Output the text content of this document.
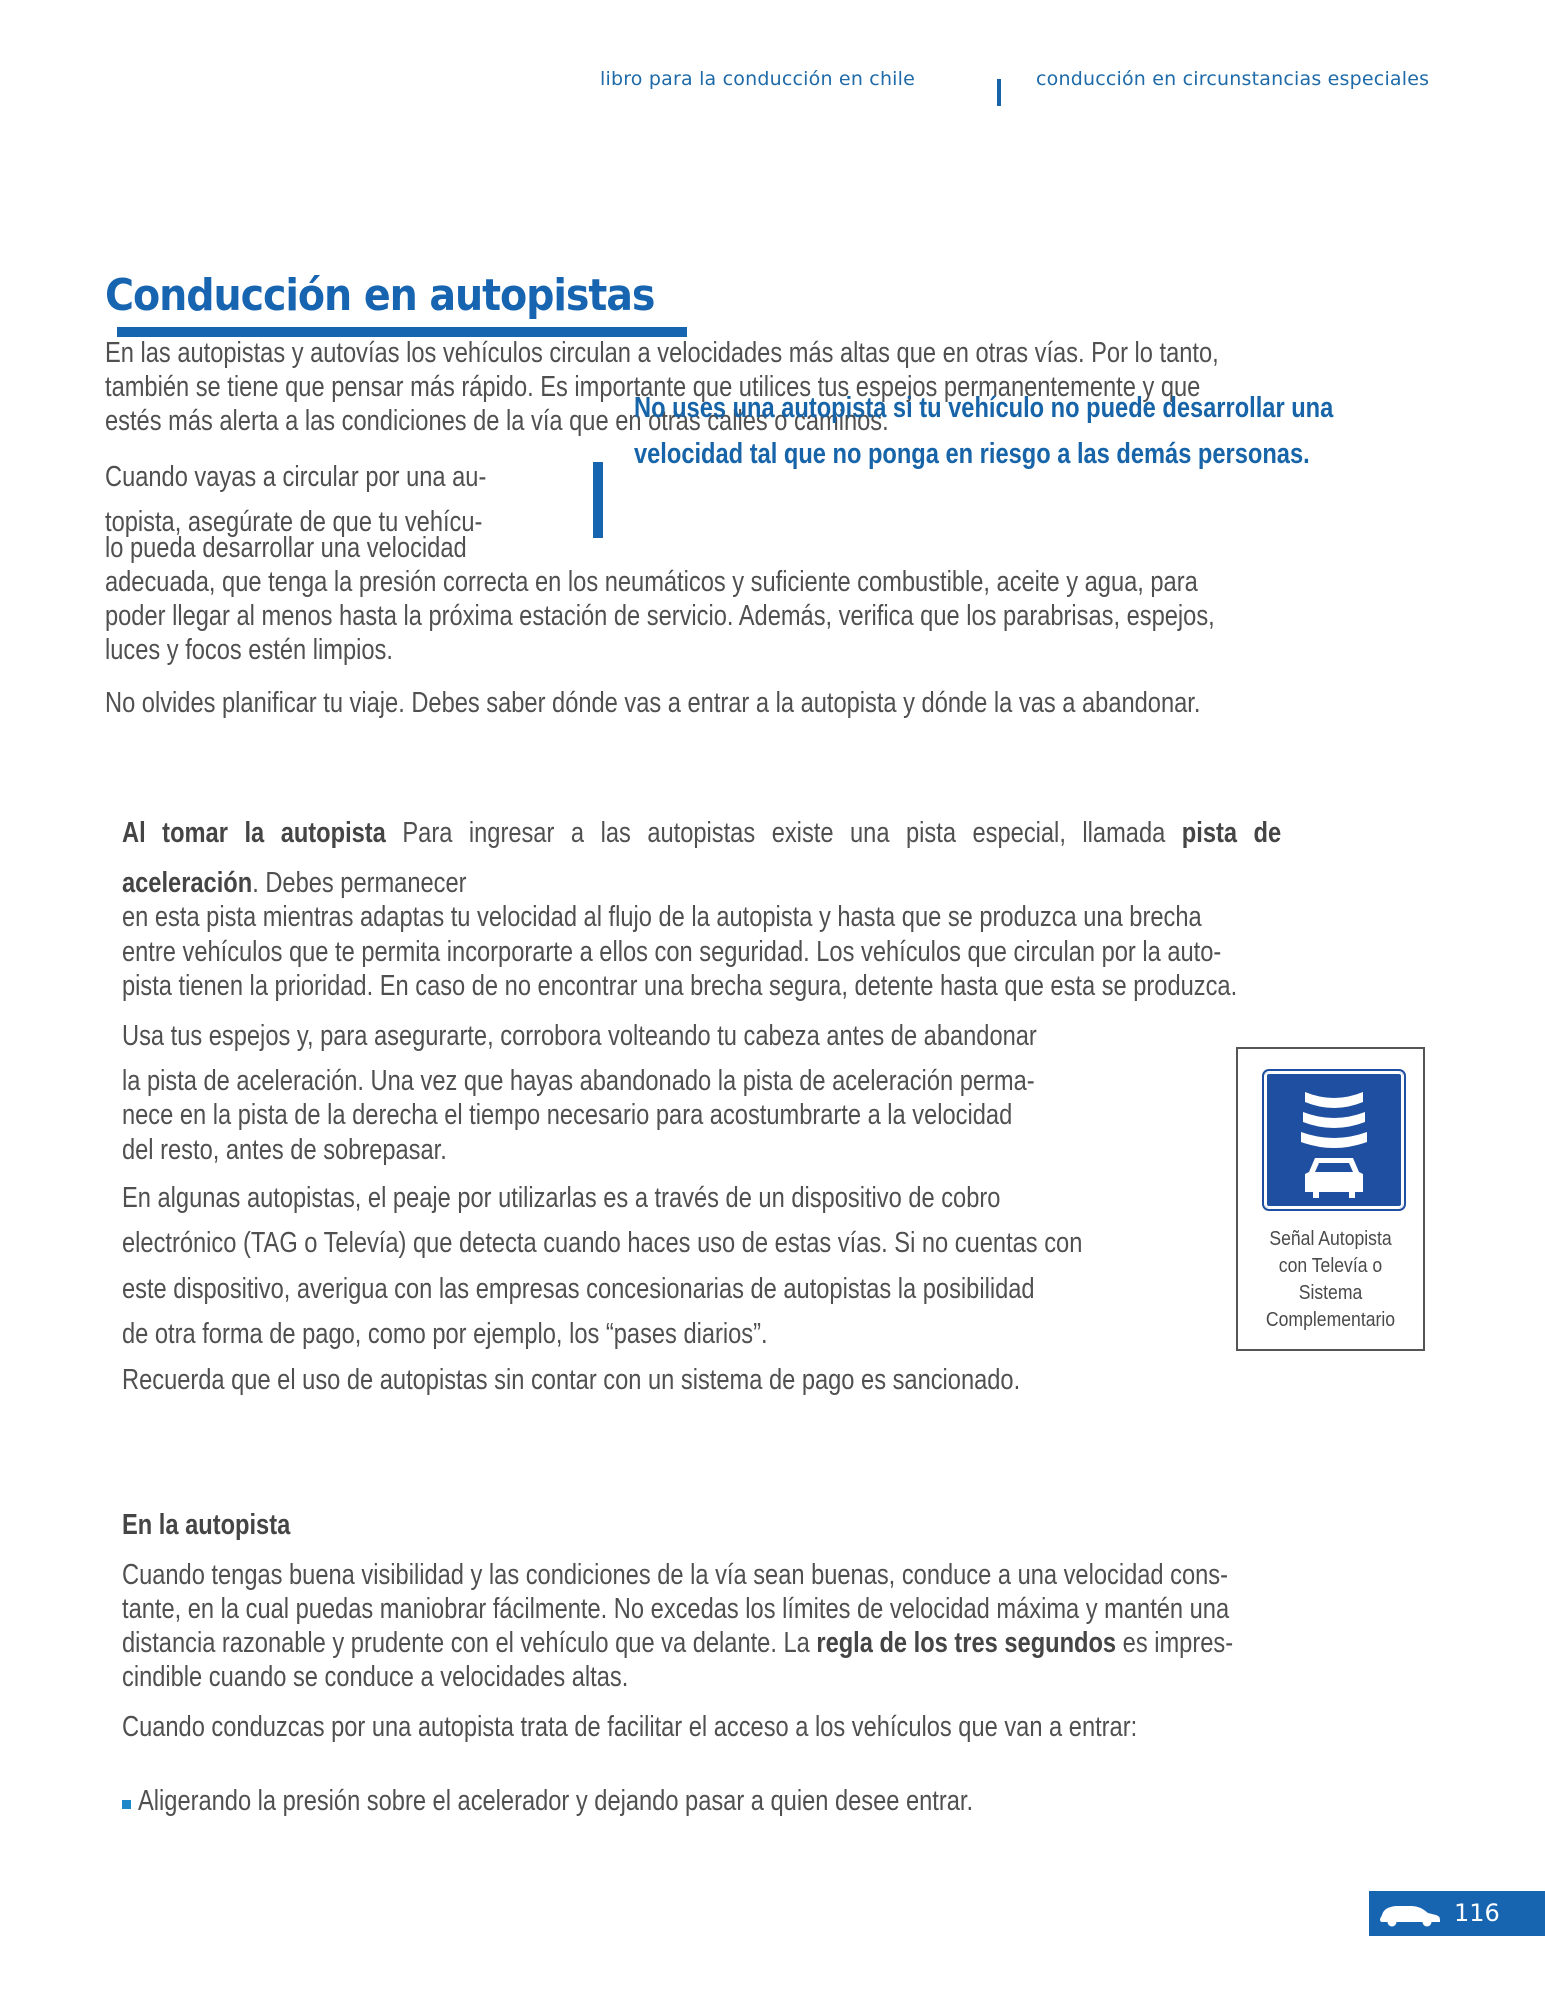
libro para la conducción en chile	conducción en circunstancias especiales
Conducción en autopistas
En las autopistas y autovías los vehículos circulan a velocidades más altas que en otras vías. Por lo tanto,
también se tiene que pensar más rápido. Es importante que utilices tus espejos permanentemente y que
estés más alerta a las condiciones de la vía que en otras calles o caminos.
No uses una autopista si tu vehículo no puede desarrollar una
velocidad tal que no ponga en riesgo a las demás personas.
Cuando vayas a circular por una au-
topista, asegúrate de que tu vehícu-
lo pueda desarrollar una velocidad
adecuada, que tenga la presión correcta en los neumáticos y suficiente combustible, aceite y agua, para
poder llegar al menos hasta la próxima estación de servicio. Además, verifica que los parabrisas, espejos,
luces y focos estén limpios.
No olvides planificar tu viaje. Debes saber dónde vas a entrar a la autopista y dónde la vas a abandonar.
Al tomar la autopista Para ingresar a las autopistas existe una pista especial, llamada pista de
aceleración. Debes permanecer
en esta pista mientras adaptas tu velocidad al flujo de la autopista y hasta que se produzca una brecha
entre vehículos que te permita incorporarte a ellos con seguridad. Los vehículos que circulan por la auto-
pista tienen la prioridad. En caso de no encontrar una brecha segura, detente hasta que esta se produzca.
Usa tus espejos y, para asegurarte, corrobora volteando tu cabeza antes de abandonar
la pista de aceleración. Una vez que hayas abandonado la pista de aceleración perma-
nece en la pista de la derecha el tiempo necesario para acostumbrarte a la velocidad
del resto, antes de sobrepasar.
En algunas autopistas, el peaje por utilizarlas es a través de un dispositivo de cobro
electrónico (TAG o Televía) que detecta cuando haces uso de estas vías. Si no cuentas con
este dispositivo, averigua con las empresas concesionarias de autopistas la posibilidad
de otra forma de pago, como por ejemplo, los “pases diarios”.
Recuerda que el uso de autopistas sin contar con un sistema de pago es sancionado.
Señal Autopista
con Televía o
Sistema
Complementario
En la autopista
Cuando tengas buena visibilidad y las condiciones de la vía sean buenas, conduce a una velocidad cons-
tante, en la cual puedas maniobrar fácilmente. No excedas los límites de velocidad máxima y mantén una
distancia razonable y prudente con el vehículo que va delante. La regla de los tres segundos es impres-
cindible cuando se conduce a velocidades altas.
Cuando conduzcas por una autopista trata de facilitar el acceso a los vehículos que van a entrar:
Aligerando la presión sobre el acelerador y dejando pasar a quien desee entrar.
116
